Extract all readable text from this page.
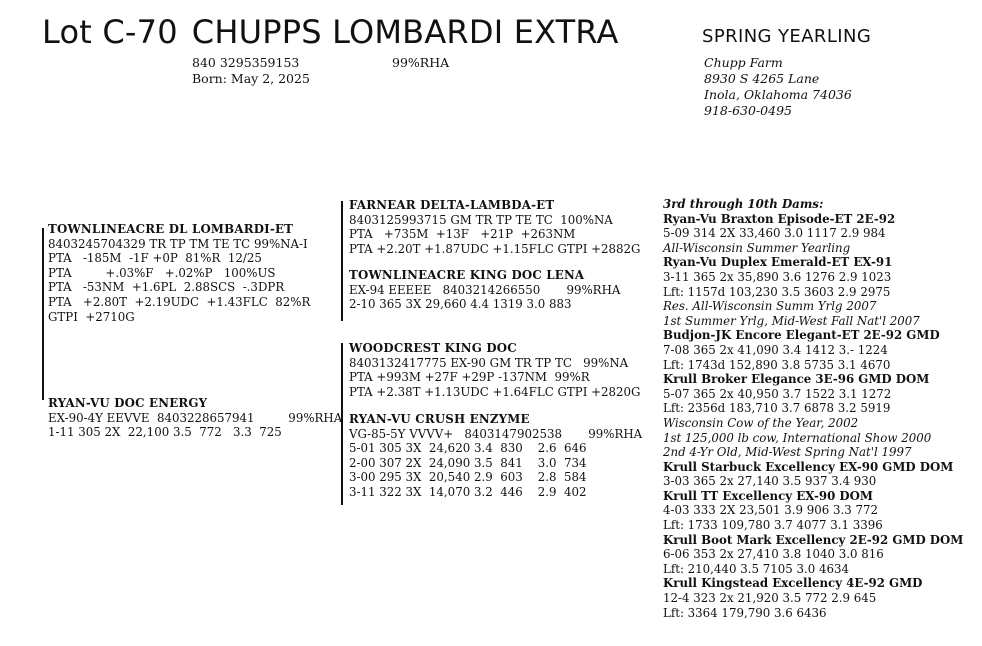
Lot C-70 CHUPPS LOMBARDI EXTRA
840 3295359153	99%RHA
Born: May 2, 2025
SPRING YEARLING
Chupp Farm
8930 S 4265 Lane
Inola, Oklahoma 74036
918-630-0495
TOWNLINEACRE DL LOMBARDI-ET
8403245704329 TR TP TM TE TC 99%NA-I
PTA   -185M  -1F +0P  81%R  12/25
PTA         +.03%F   +.02%P   100%US
PTA   -53NM  +1.6PL  2.88SCS  -.3DPR
PTA   +2.80T  +2.19UDC  +1.43FLC  82%R
GTPI  +2710G
FARNEAR DELTA-LAMBDA-ET
8403125993715 GM TR TP TE TC  100%NA
PTA   +735M  +13F   +21P  +263NM
PTA +2.20T +1.87UDC +1.15FLC GTPI +2882G
TOWNLINEACRE KING DOC LENA
EX-94 EEEEE   8403214266550       99%RHA
2-10 365 3X 29,660 4.4 1319 3.0 883
RYAN-VU DOC ENERGY
EX-90-4Y EEVVE  8403228657941         99%RHA
1-11 305 2X  22,100 3.5  772   3.3  725
WOODCREST KING DOC
8403132417775 EX-90 GM TR TP TC   99%NA
PTA +993M +27F +29P -137NM  99%R
PTA +2.38T +1.13UDC +1.64FLC GTPI +2820G
RYAN-VU CRUSH ENZYME
VG-85-5Y VVVV+   8403147902538       99%RHA
5-01 305 3X  24,620 3.4  830    2.6  646
2-00 307 2X  24,090 3.5  841    3.0  734
3-00 295 3X  20,540 2.9  603    2.8  584
3-11 322 3X  14,070 3.2  446    2.9  402
3rd through 10th Dams:
Ryan-Vu Braxton Episode-ET 2E-92
5-09 314 2X 33,460 3.0 1117 2.9 984
All-Wisconsin Summer Yearling
Ryan-Vu Duplex Emerald-ET EX-91
3-11 365 2x 35,890 3.6 1276 2.9 1023
Lft: 1157d 103,230 3.5 3603 2.9 2975
Res. All-Wisconsin Summ Yrlg 2007
1st Summer Yrlg, Mid-West Fall Nat'l 2007
Budjon-JK Encore Elegant-ET 2E-92 GMD
7-08 365 2x 41,090 3.4 1412 3.- 1224
Lft: 1743d 152,890 3.8 5735 3.1 4670
Krull Broker Elegance 3E-96 GMD DOM
5-07 365 2x 40,950 3.7 1522 3.1 1272
Lft: 2356d 183,710 3.7 6878 3.2 5919
Wisconsin Cow of the Year, 2002
1st 125,000 lb cow, International Show 2000
2nd 4-Yr Old, Mid-West Spring Nat'l 1997
Krull Starbuck Excellency EX-90 GMD DOM
3-03 365 2x 27,140 3.5 937 3.4 930
Krull TT Excellency EX-90 DOM
4-03 333 2X 23,501 3.9 906 3.3 772
Lft: 1733 109,780 3.7 4077 3.1 3396
Krull Boot Mark Excellency 2E-92 GMD DOM
6-06 353 2x 27,410 3.8 1040 3.0 816
Lft: 210,440 3.5 7105 3.0 4634
Krull Kingstead Excellency 4E-92 GMD
12-4 323 2x 21,920 3.5 772 2.9 645
Lft: 3364 179,790 3.6 6436
